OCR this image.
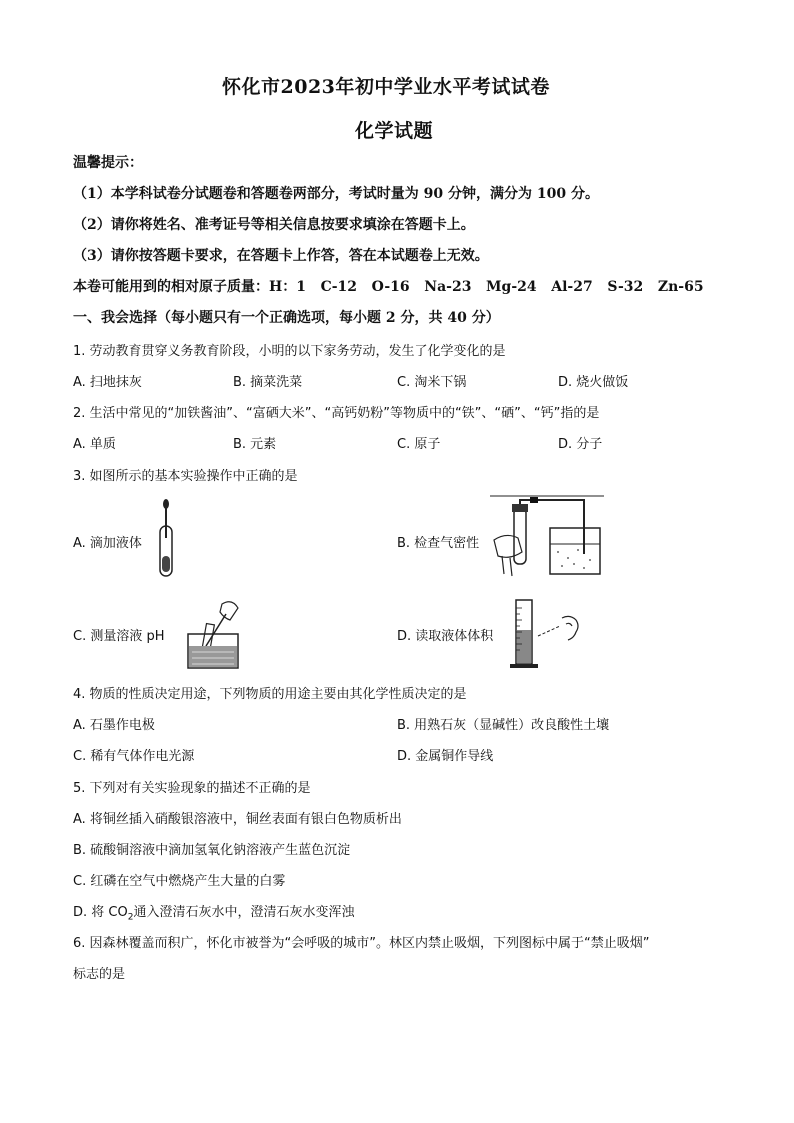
怀化市2023年初中学业水平考试试卷
化学试题
温馨提示：
（1）本学科试卷分试题卷和答题卷两部分，考试时量为 90 分钟，满分为 100 分。
（2）请你将姓名、准考证号等相关信息按要求填涂在答题卡上。
（3）请你按答题卡要求，在答题卡上作答，答在本试题卷上无效。
本卷可能用到的相对原子质量：H：1   C-12   O-16   Na-23   Mg-24   Al-27   S-32   Zn-65
一、我会选择（每小题只有一个正确选项，每小题 2 分，共 40 分）
1. 劳动教育贯穿义务教育阶段，小明的以下家务劳动，发生了化学变化的是
A. 扫地抹灰	B. 摘菜洗菜	C. 淘米下锅	D. 烧火做饭
2. 生活中常见的“加铁酱油”、“富硒大米”、“高钙奶粉”等物质中的“铁”、“硒”、“钙”指的是
A. 单质	B. 元素	C. 原子	D. 分子
3. 如图所示的基本实验操作中正确的是
A. 滴加液体	B. 检查气密性
C. 测量溶液 pH	D. 读取液体体积
4. 物质的性质决定用途，下列物质的用途主要由其化学性质决定的是
A. 石墨作电极	B. 用熟石灰（显碱性）改良酸性土壤
C. 稀有气体作电光源	D. 金属铜作导线
5. 下列对有关实验现象的描述不正确的是
A. 将铜丝插入硝酸银溶液中，铜丝表面有银白色物质析出
B. 硫酸铜溶液中滴加氢氧化钠溶液产生蓝色沉淀
C. 红磷在空气中燃烧产生大量的白雾
D. 将 $CO_2$通入澄清石灰水中，澄清石灰水变浑浊
6. 因森林覆盖而积广，怀化市被誉为“会呼吸的城市”。林区内禁止吸烟，下列图标中属于“禁止吸烟”
标志的是
